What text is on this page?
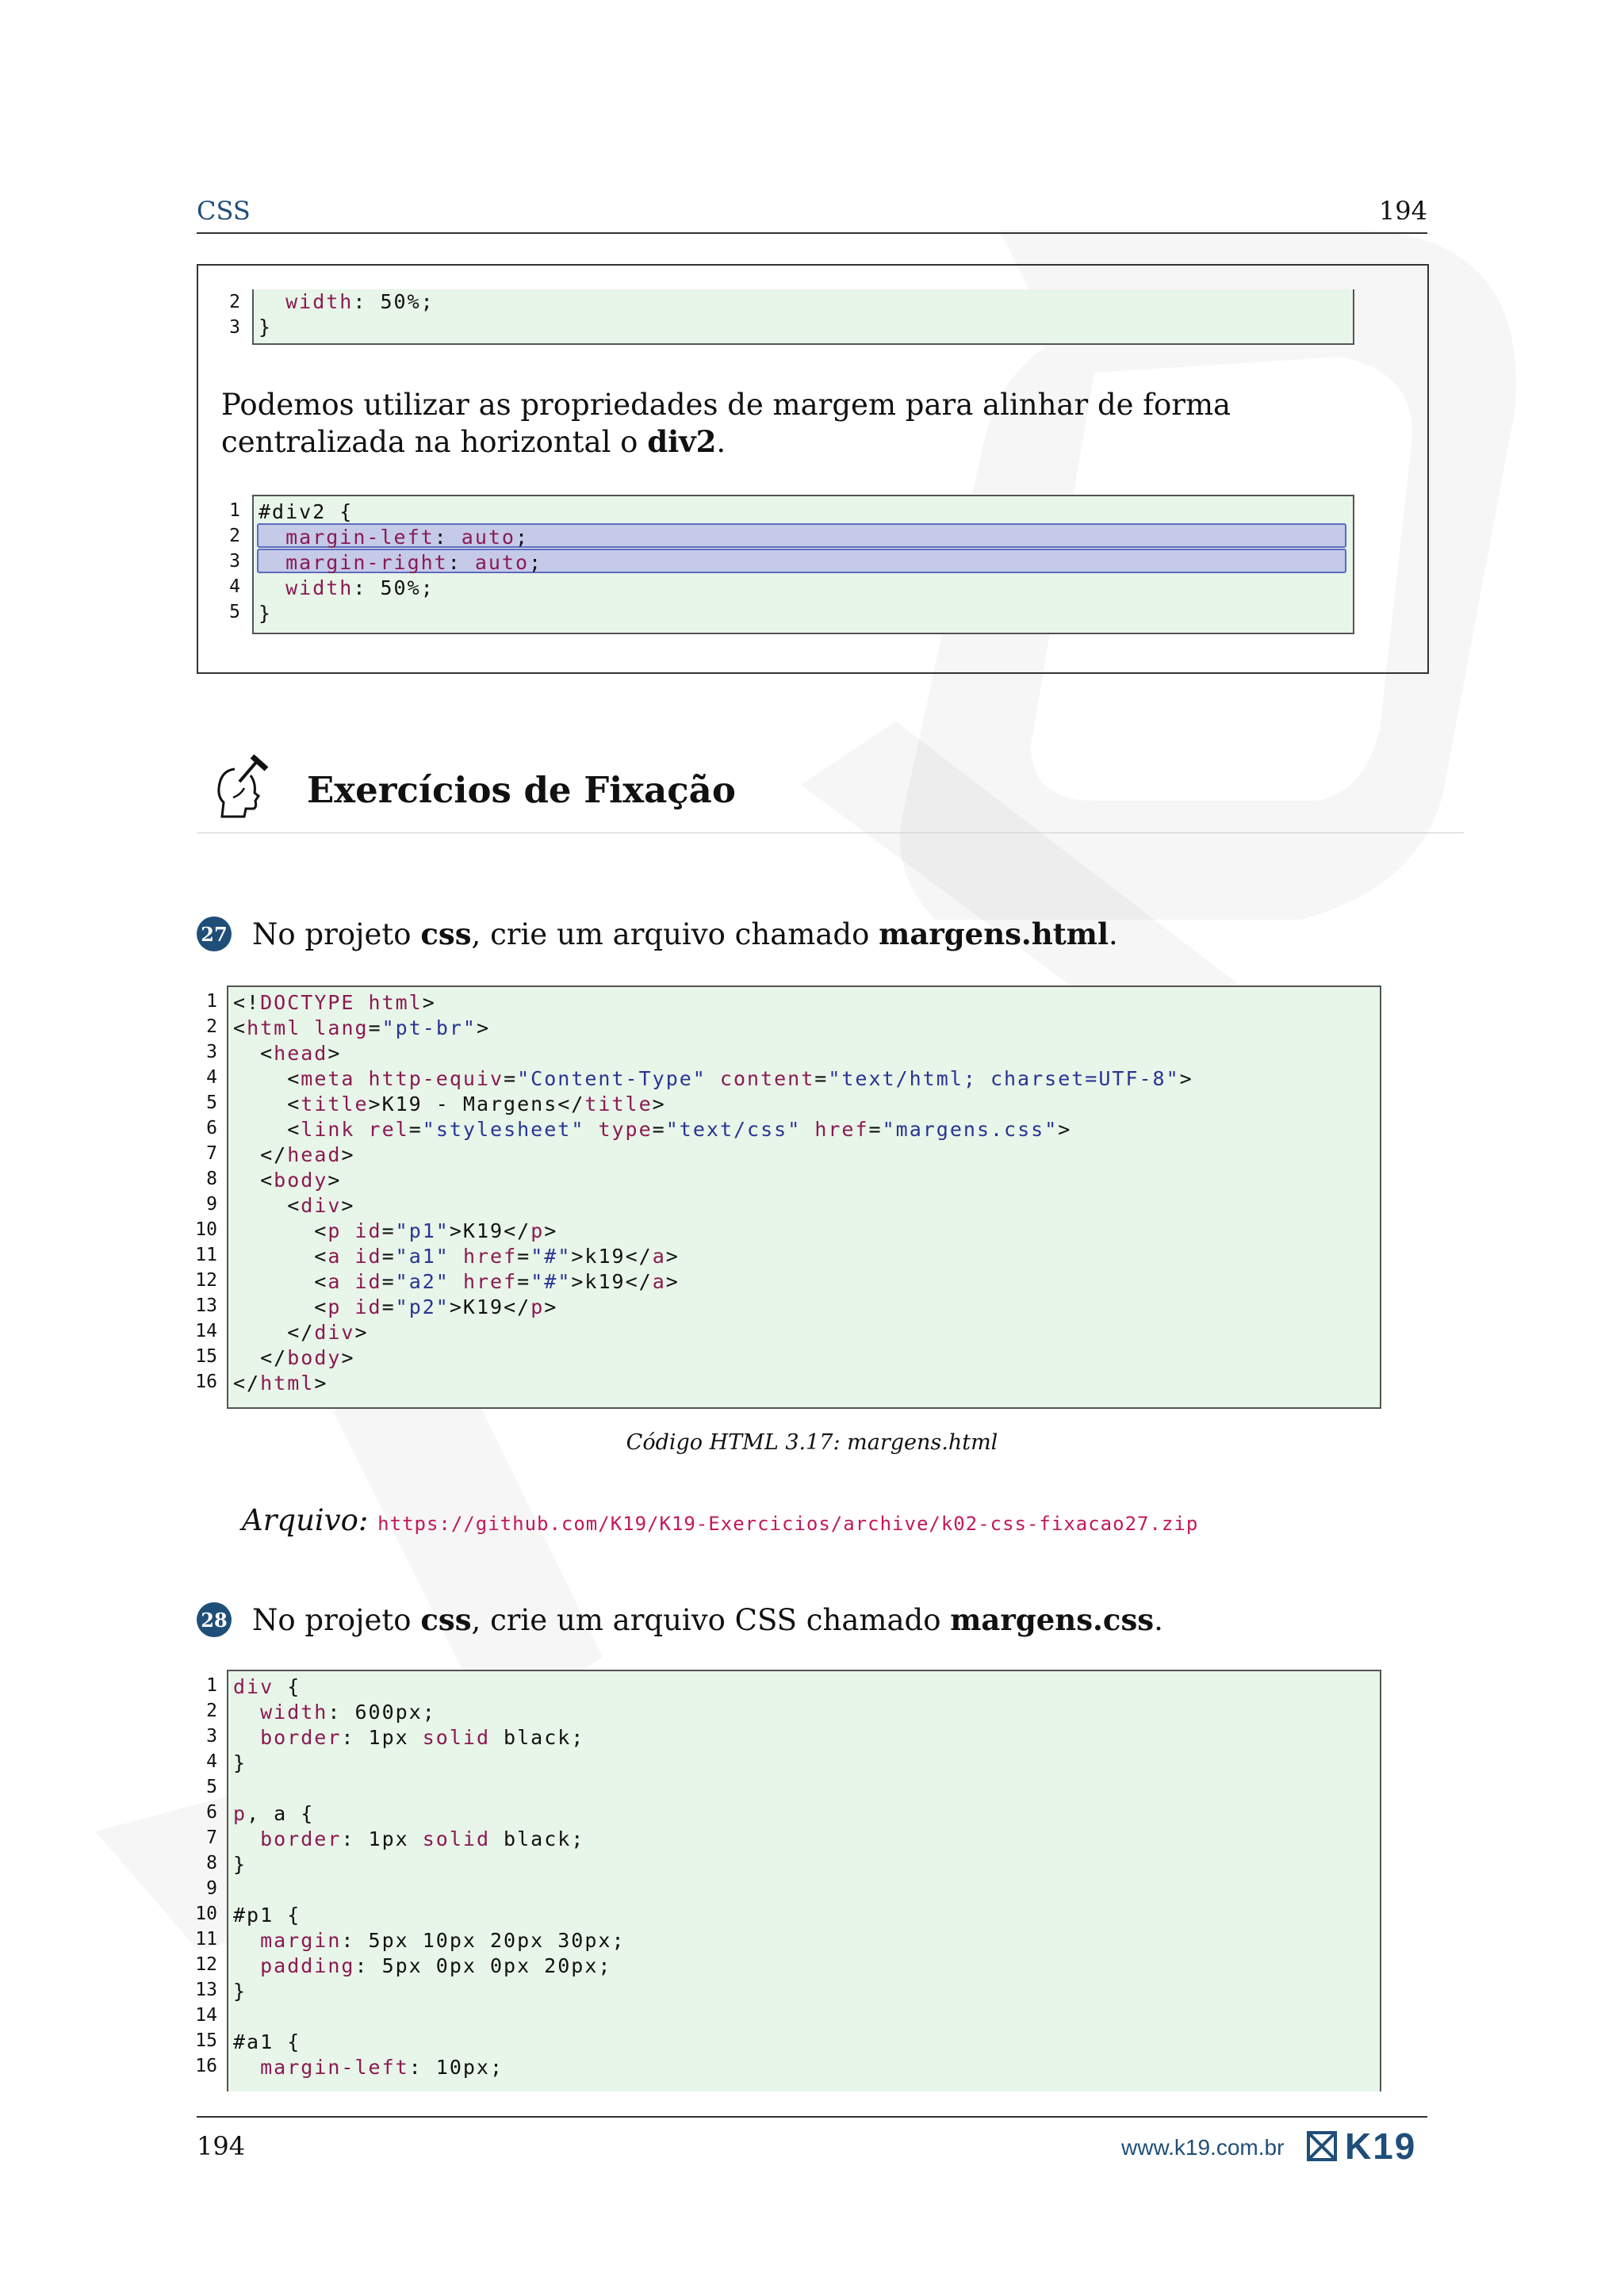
CSS	194
2
3
width: 50%;
}
Podemos utilizar as propriedades de margem para alinhar de forma centralizada na horizontal o div2.
1
2
3
4
5
#div2 {
margin-left: auto;
margin-right: auto;
width: 50%;
}
Exercícios de Fixação
27 No projeto css, crie um arquivo chamado margens.html.
1
2
3
4
5
6
7
8
9
10
11
12
13
14
15
16
<!DOCTYPE html>
<html lang="pt-br">
<head>
<meta http-equiv="Content-Type" content="text/html; charset=UTF-8">
<title>K19 - Margens</title>
<link rel="stylesheet" type="text/css" href="margens.css">
</head>
<body>
<div>
<p id="p1">K19</p>
<a id="a1" href="#">k19</a>
<a id="a2" href="#">k19</a>
<p id="p2">K19</p>
</div>
</body>
</html>
Código HTML 3.17: margens.html
Arquivo: https://github.com/K19/K19-Exercicios/archive/k02-css-fixacao27.zip
28 No projeto css, crie um arquivo CSS chamado margens.css.
1
2
3
4
5
6
7
8
9
10
11
12
13
14
15
16
div {
width: 600px;
border: 1px solid black;
}
p, a {
border: 1px solid black;
}
#p1 {
margin: 5px 10px 20px 30px;
padding: 5px 0px 0px 20px;
}
#a1 {
margin-left: 10px;
194	www.k19.com.br K19
